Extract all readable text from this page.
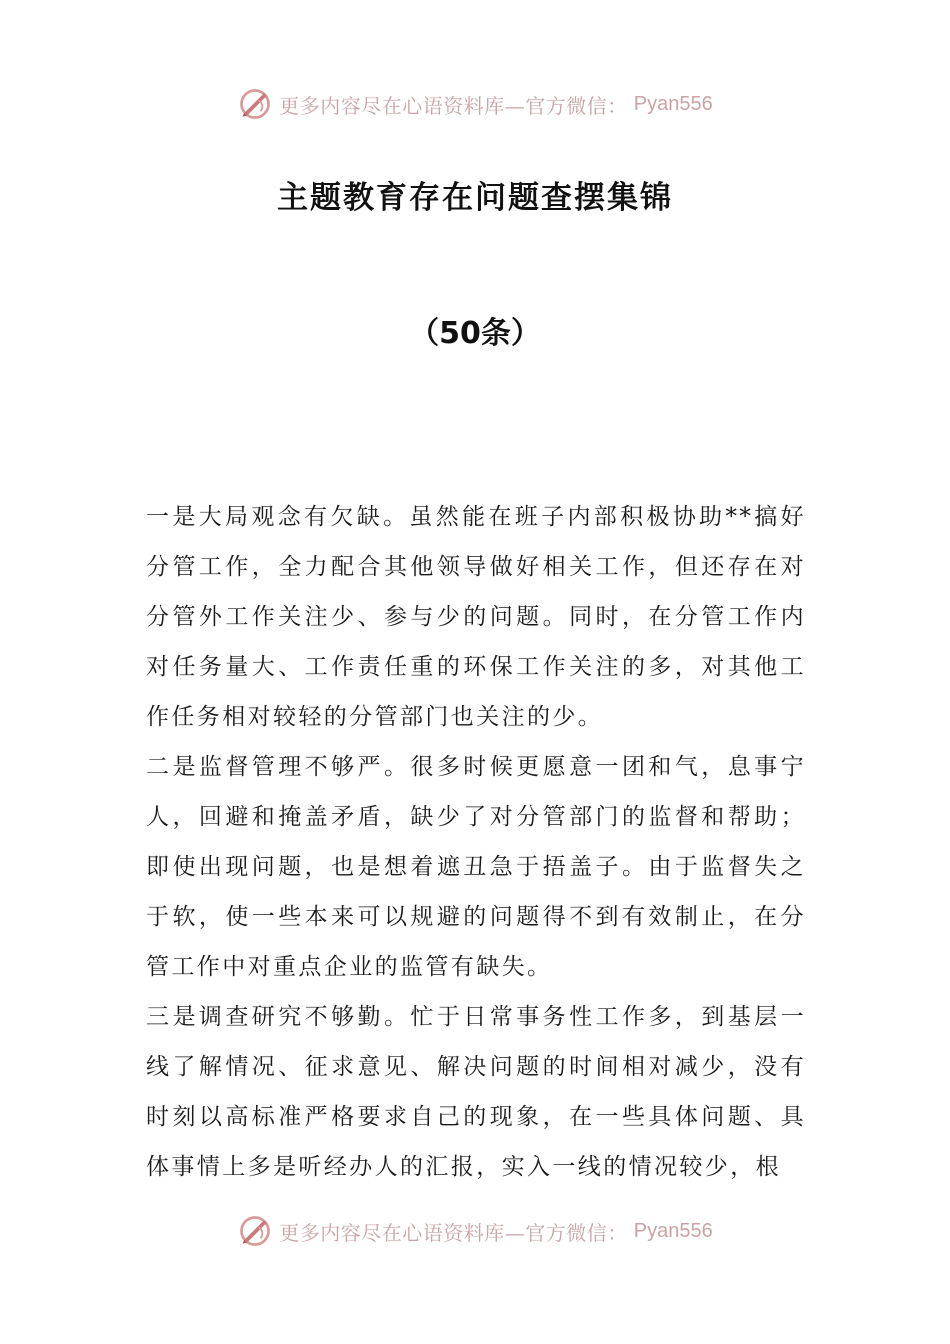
更多内容尽在心语资料库—官方微信： Pyan556
主题教育存在问题查摆集锦
（50条）

一是大局观念有欠缺。虽然能在班子内部积极协助**搞好分管工作，全力配合其他领导做好相关工作，但还存在对分管外工作关注少、参与少的问题。同时，在分管工作内对任务量大、工作责任重的环保工作关注的多，对其他工作任务相对较轻的分管部门也关注的少。

二是监督管理不够严。很多时候更愿意一团和气，息事宁人，回避和掩盖矛盾，缺少了对分管部门的监督和帮助；即使出现问题，也是想着遮丑急于捂盖子。由于监督失之于软，使一些本来可以规避的问题得不到有效制止，在分管工作中对重点企业的监管有缺失。

三是调查研究不够勤。忙于日常事务性工作多，到基层一线了解情况、征求意见、解决问题的时间相对减少，没有时刻以高标准严格要求自己的现象，在一些具体问题、具体事情上多是听经办人的汇报，实入一线的情况较少，根

更多内容尽在心语资料库—官方微信： Pyan556
